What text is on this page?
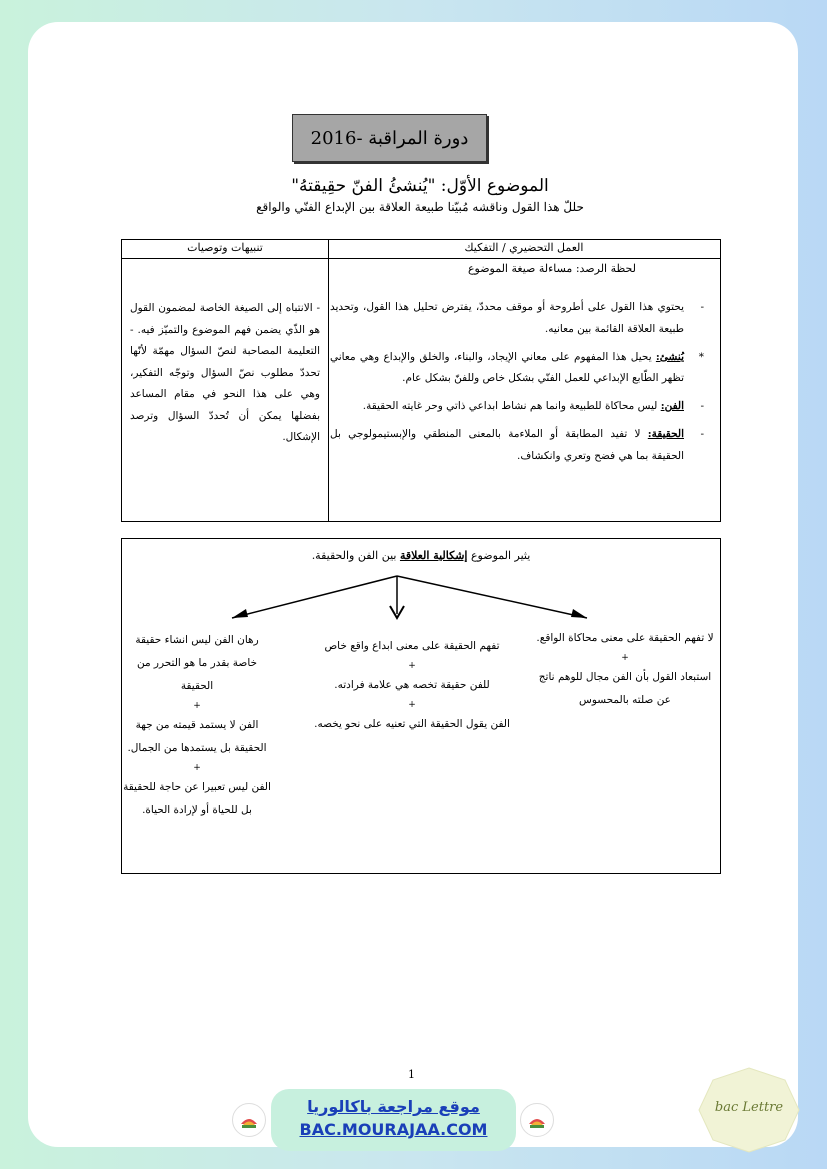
دورة المراقبة -2016
الموضوع الأوّل: "يُنشئُ الفنّ حقِيقتهُ"
حللّ هذا القول وناقشه مُبيّنا طبيعة العلاقة بين الإبداع الفنّي والواقع
العمل التحضيري / التفكيك
تنبيهات وتوصيات
لحظة الرصد: مساءلة صيغة الموضوع
-
يحتوي هذا القول على أطروحة أو موقف محددّ، يفترض تحليل هذا القول، وتحديد طبيعة العلاقة القائمة بين معانيه.
*
يُنشئ: يحيل هذا المفهوم على معاني الإيجاد، والبناء، والخلق والإبداع وهي معاني تظهر الطّابع الإبداعي للعمل الفنّي بشكل خاص وللفنّ بشكل عام.
-
الفن: ليس محاكاة للطبيعة وانما هم نشاط ابداعي ذاتي وحر غايته الحقيقة.
-
الحقيقة: لا تفيد المطابقة أو الملاءمة بالمعنى المنطقي والإبستيمولوجي بل الحقيقة بما هي فضح وتعري وانكشاف.
- الانتباه إلى الصيغة الخاصة لمضمون القول هو الذّي يضمن فهم الموضوع والتميّز فيه. - التعليمة المصاحبة لنصّ السؤال مهمّة لأنّها تحددّ مطلوب نصّ السؤال وتوجّه التفكير، وهي على هذا النحو في مقام المساعد بفضلها يمكن أن تُحددّ السؤال وترصد الإشكال.
يثير الموضوع إشكالية العلاقة بين الفن والحقيقة.
لا تفهم الحقيقة على معنى محاكاة الواقع.
+
استبعاد القول بأن الفن مجال للوهم ناتج عن صلته بالمحسوس
تفهم الحقيقة على معنى ابداع واقع خاص
+
للفن حقيقة تخصه هي علامة فرادته.
+
الفن يقول الحقيقة التي تعنيه على نحو يخصه.
رهان الفن ليس انشاء حقيقة خاصة بقدر ما هو التحرر من الحقيقة
+
الفن لا يستمد قيمته من جهة الحقيقة بل يستمدها من الجمال.
+
الفن ليس تعبيرا عن حاجة للحقيقة بل للحياة أو لإرادة الحياة.
1
موقع مراجعة باكالوريا
BAC.MOURAJAA.COM
bac Lettre
